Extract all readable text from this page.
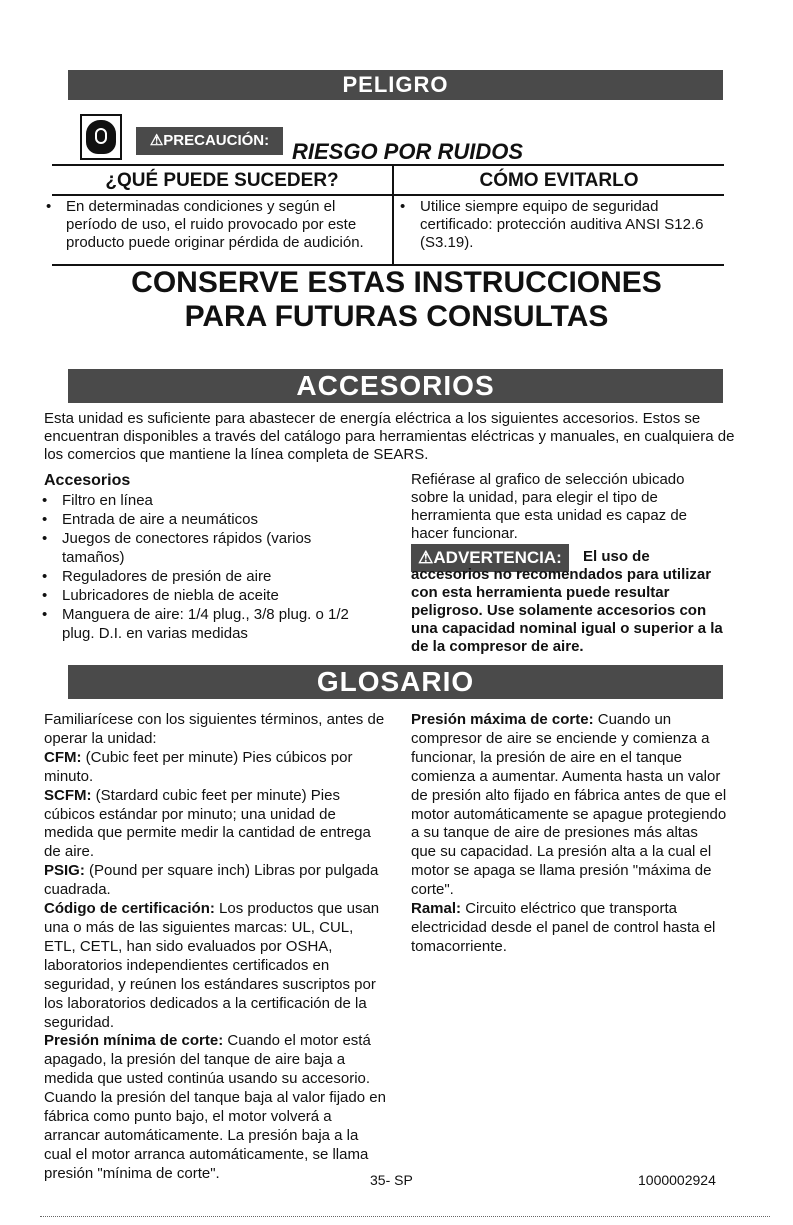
PELIGRO
⚠PRECAUCIÓN:	RIESGO POR RUIDOS
¿QUÉ PUEDE SUCEDER?	CÓMO EVITARLO
• En determinadas condiciones y según el período de uso, el ruido provocado por este producto puede originar pérdida de audición.
• Utilice siempre equipo de seguridad certificado: protección auditiva ANSI S12.6 (S3.19).
CONSERVE ESTAS INSTRUCCIONES
PARA FUTURAS CONSULTAS
ACCESORIOS
Esta unidad es suficiente para abastecer de energía eléctrica a los siguientes accesorios. Estos se encuentran disponibles a través del catálogo para herramientas eléctricas y manuales, en cualquiera de los comercios que mantiene la línea completa de SEARS.
Accesorios
• Filtro en línea
• Entrada de aire a neumáticos
• Juegos de conectores rápidos (varios tamaños)
• Reguladores de presión de aire
• Lubricadores de niebla de aceite
• Manguera de aire: 1/4 plug., 3/8 plug. o 1/2 plug. D.I. en varias medidas
Refiérase al grafico de selección ubicado sobre la unidad, para elegir el tipo de herramienta que esta unidad es capaz de hacer funcionar.
⚠ADVERTENCIA:	El uso de accesorios no recomendados para utilizar con esta herramienta puede resultar peligroso. Use solamente accesorios con una capacidad nominal igual o superior a la de la compresor de aire.
GLOSARIO
Familiarícese con los siguientes términos, antes de operar la unidad:
CFM: (Cubic feet per minute) Pies cúbicos por minuto.
SCFM: (Stardard cubic feet per minute) Pies cúbicos estándar por minuto; una unidad de medida que permite medir la cantidad de entrega de aire.
PSIG: (Pound per square inch) Libras por pulgada cuadrada.
Código de certificación: Los productos que usan una o más de las siguientes marcas: UL, CUL, ETL, CETL, han sido evaluados por OSHA, laboratorios independientes certificados en seguridad, y reúnen los estándares suscriptos por los laboratorios dedicados a la certificación de la seguridad.
Presión mínima de corte: Cuando el motor está apagado, la presión del tanque de aire baja a medida que usted continúa usando su accesorio. Cuando la presión del tanque baja al valor fijado en fábrica como punto bajo, el motor volverá a arrancar automáticamente. La presión baja a la cual el motor arranca automáticamente, se llama presión "mínima de corte".
Presión máxima de corte: Cuando un compresor de aire se enciende y comienza a funcionar, la presión de aire en el tanque comienza a aumentar. Aumenta hasta un valor de presión alto fijado en fábrica antes de que el motor automáticamente se apague protegiendo a su tanque de aire de presiones más altas que su capacidad. La presión alta a la cual el motor se apaga se llama presión "máxima de corte".
Ramal: Circuito eléctrico que transporta electricidad desde el panel de control hasta el tomacorriente.
35- SP	1000002924
